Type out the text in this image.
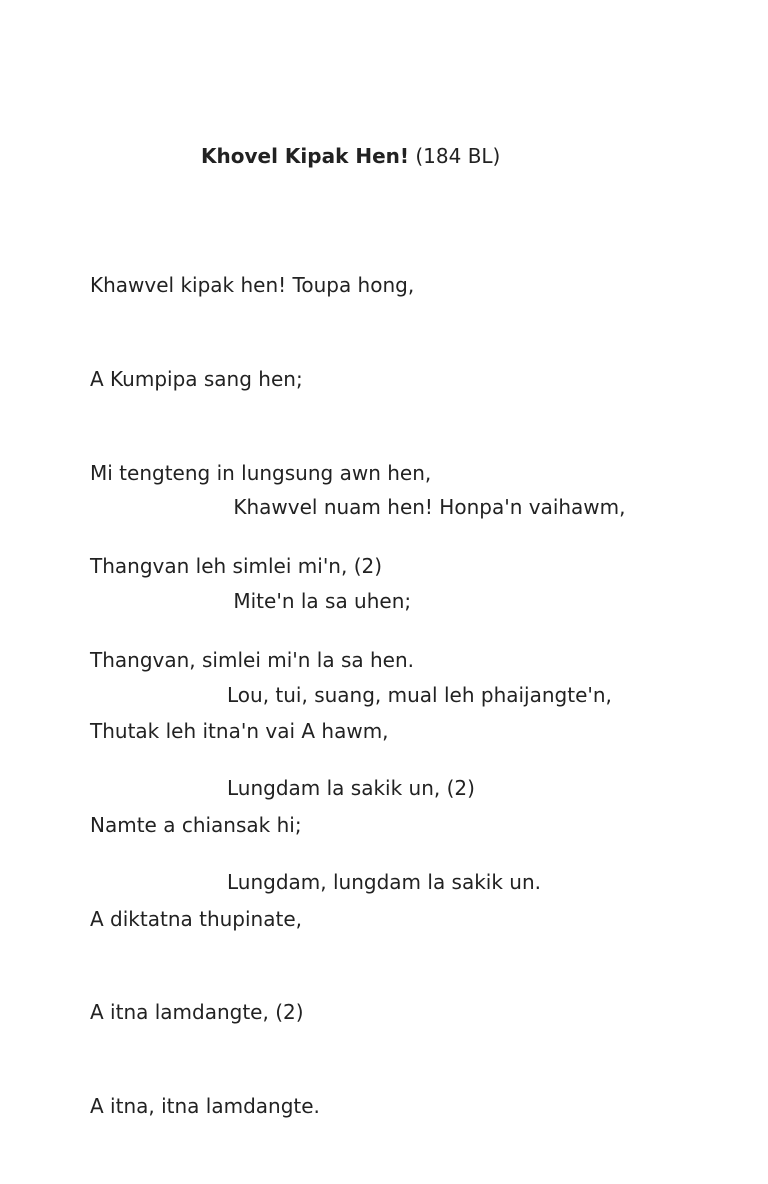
Khovel Kipak Hen! (184 BL)

Khawvel kipak hen! Toupa hong,

A Kumpipa sang hen;

Mi tengteng in lungsung awn hen,

Thangvan leh simlei mi'n, (2)

Thangvan, simlei mi'n la sa hen.

Khawvel nuam hen! Honpa'n vaihawm,

Mite'n la sa uhen;

Lou, tui, suang, mual leh phaijangte'n,

Lungdam la sakik un, (2)

Lungdam, lungdam la sakik un.

Thutak leh itna'n vai A hawm,

Namte a chiansak hi;

A diktatna thupinate,

A itna lamdangte, (2)

A itna, itna lamdangte.
